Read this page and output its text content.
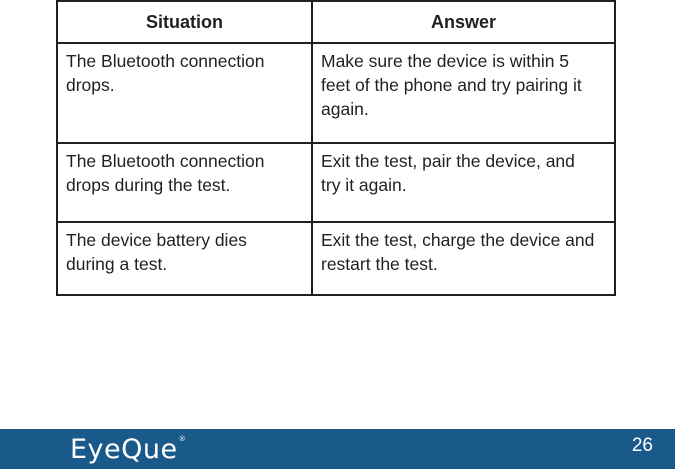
Situation	Answer
The Bluetooth connection drops.	Make sure the device is within 5 feet of the phone and try pairing it again.
The Bluetooth connection drops during the test.	Exit the test, pair the device, and try it again.
The device battery dies during a test.	Exit the test, charge the device and restart the test.
EyeQue ®	26
